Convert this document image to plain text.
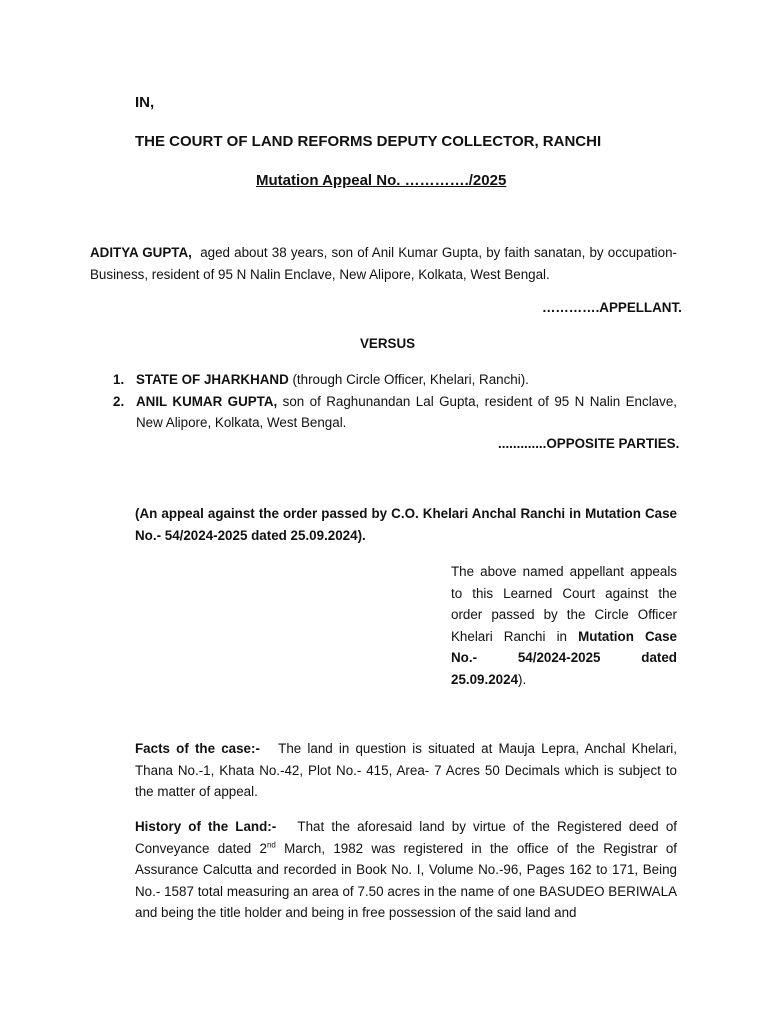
IN,
THE COURT OF LAND REFORMS DEPUTY COLLECTOR, RANCHI
Mutation Appeal No. …………./2025
ADITYA GUPTA, aged about 38 years, son of Anil Kumar Gupta, by faith sanatan, by occupation- Business, resident of 95 N Nalin Enclave, New Alipore, Kolkata, West Bengal.
………….APPELLANT.
VERSUS
1. STATE OF JHARKHAND (through Circle Officer, Khelari, Ranchi).
2. ANIL KUMAR GUPTA, son of Raghunandan Lal Gupta, resident of 95 N Nalin Enclave, New Alipore, Kolkata, West Bengal.
.............OPPOSITE PARTIES.
(An appeal against the order passed by C.O. Khelari Anchal Ranchi in Mutation Case No.- 54/2024-2025 dated 25.09.2024).
The above named appellant appeals to this Learned Court against the order passed by the Circle Officer Khelari Ranchi in Mutation Case No.- 54/2024-2025 dated 25.09.2024).
Facts of the case:- The land in question is situated at Mauja Lepra, Anchal Khelari, Thana No.-1, Khata No.-42, Plot No.- 415, Area- 7 Acres 50 Decimals which is subject to the matter of appeal.
History of the Land:- That the aforesaid land by virtue of the Registered deed of Conveyance dated 2nd March, 1982 was registered in the office of the Registrar of Assurance Calcutta and recorded in Book No. I, Volume No.-96, Pages 162 to 171, Being No.- 1587 total measuring an area of 7.50 acres in the name of one BASUDEO BERIWALA and being the title holder and being in free possession of the said land and
